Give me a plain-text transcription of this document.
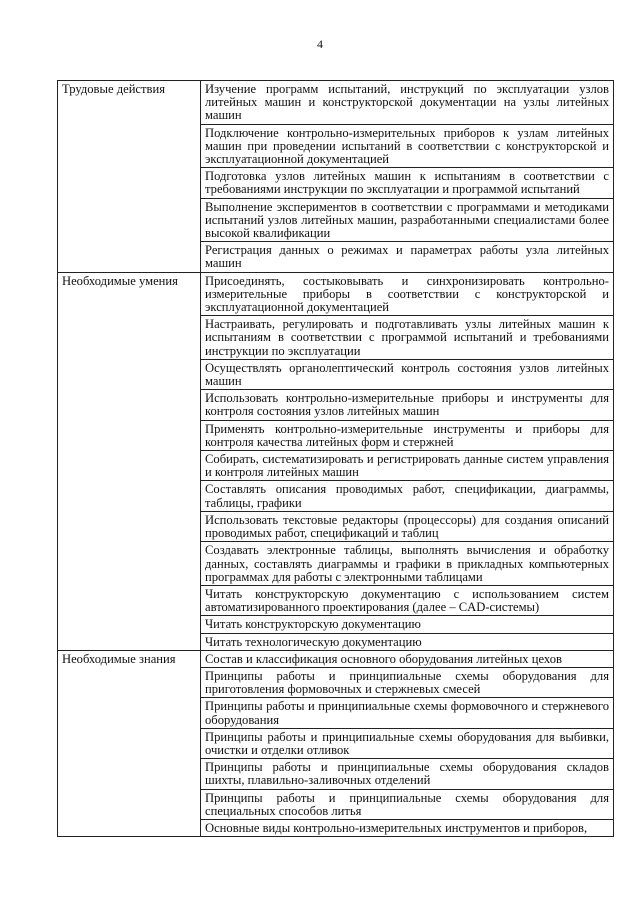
4
Трудовые действия	Изучение программ испытаний, инструкций по эксплуатации узлов литейных машин и конструкторской документации на узлы литейных машин
	Подключение контрольно-измерительных приборов к узлам литейных машин при проведении испытаний в соответствии с конструкторской и эксплуатационной документацией
	Подготовка узлов литейных машин к испытаниям в соответствии с требованиями инструкции по эксплуатации и программой испытаний
	Выполнение экспериментов в соответствии с программами и методиками испытаний узлов литейных машин, разработанными специалистами более высокой квалификации
	Регистрация данных о режимах и параметрах работы узла литейных машин
Необходимые умения	Присоединять, состыковывать и синхронизировать контрольно-измерительные приборы в соответствии с конструкторской и эксплуатационной документацией
	Настраивать, регулировать и подготавливать узлы литейных машин к испытаниям в соответствии с программой испытаний и требованиями инструкции по эксплуатации
	Осуществлять органолептический контроль состояния узлов литейных машин
	Использовать контрольно-измерительные приборы и инструменты для контроля состояния узлов литейных машин
	Применять контрольно-измерительные инструменты и приборы для контроля качества литейных форм и стержней
	Собирать, систематизировать и регистрировать данные систем управления и контроля литейных машин
	Составлять описания проводимых работ, спецификации, диаграммы, таблицы, графики
	Использовать текстовые редакторы (процессоры) для создания описаний проводимых работ, спецификаций и таблиц
	Создавать электронные таблицы, выполнять вычисления и обработку данных, составлять диаграммы и графики в прикладных компьютерных программах для работы с электронными таблицами
	Читать конструкторскую документацию с использованием систем автоматизированного проектирования (далее – CAD-системы)
	Читать конструкторскую документацию
	Читать технологическую документацию
Необходимые знания	Состав и классификация основного оборудования литейных цехов
	Принципы работы и принципиальные схемы оборудования для приготовления формовочных и стержневых смесей
	Принципы работы и принципиальные схемы формовочного и стержневого оборудования
	Принципы работы и принципиальные схемы оборудования для выбивки, очистки и отделки отливок
	Принципы работы и принципиальные схемы оборудования складов шихты, плавильно-заливочных отделений
	Принципы работы и принципиальные схемы оборудования для специальных способов литья
	Основные виды контрольно-измерительных инструментов и приборов,
